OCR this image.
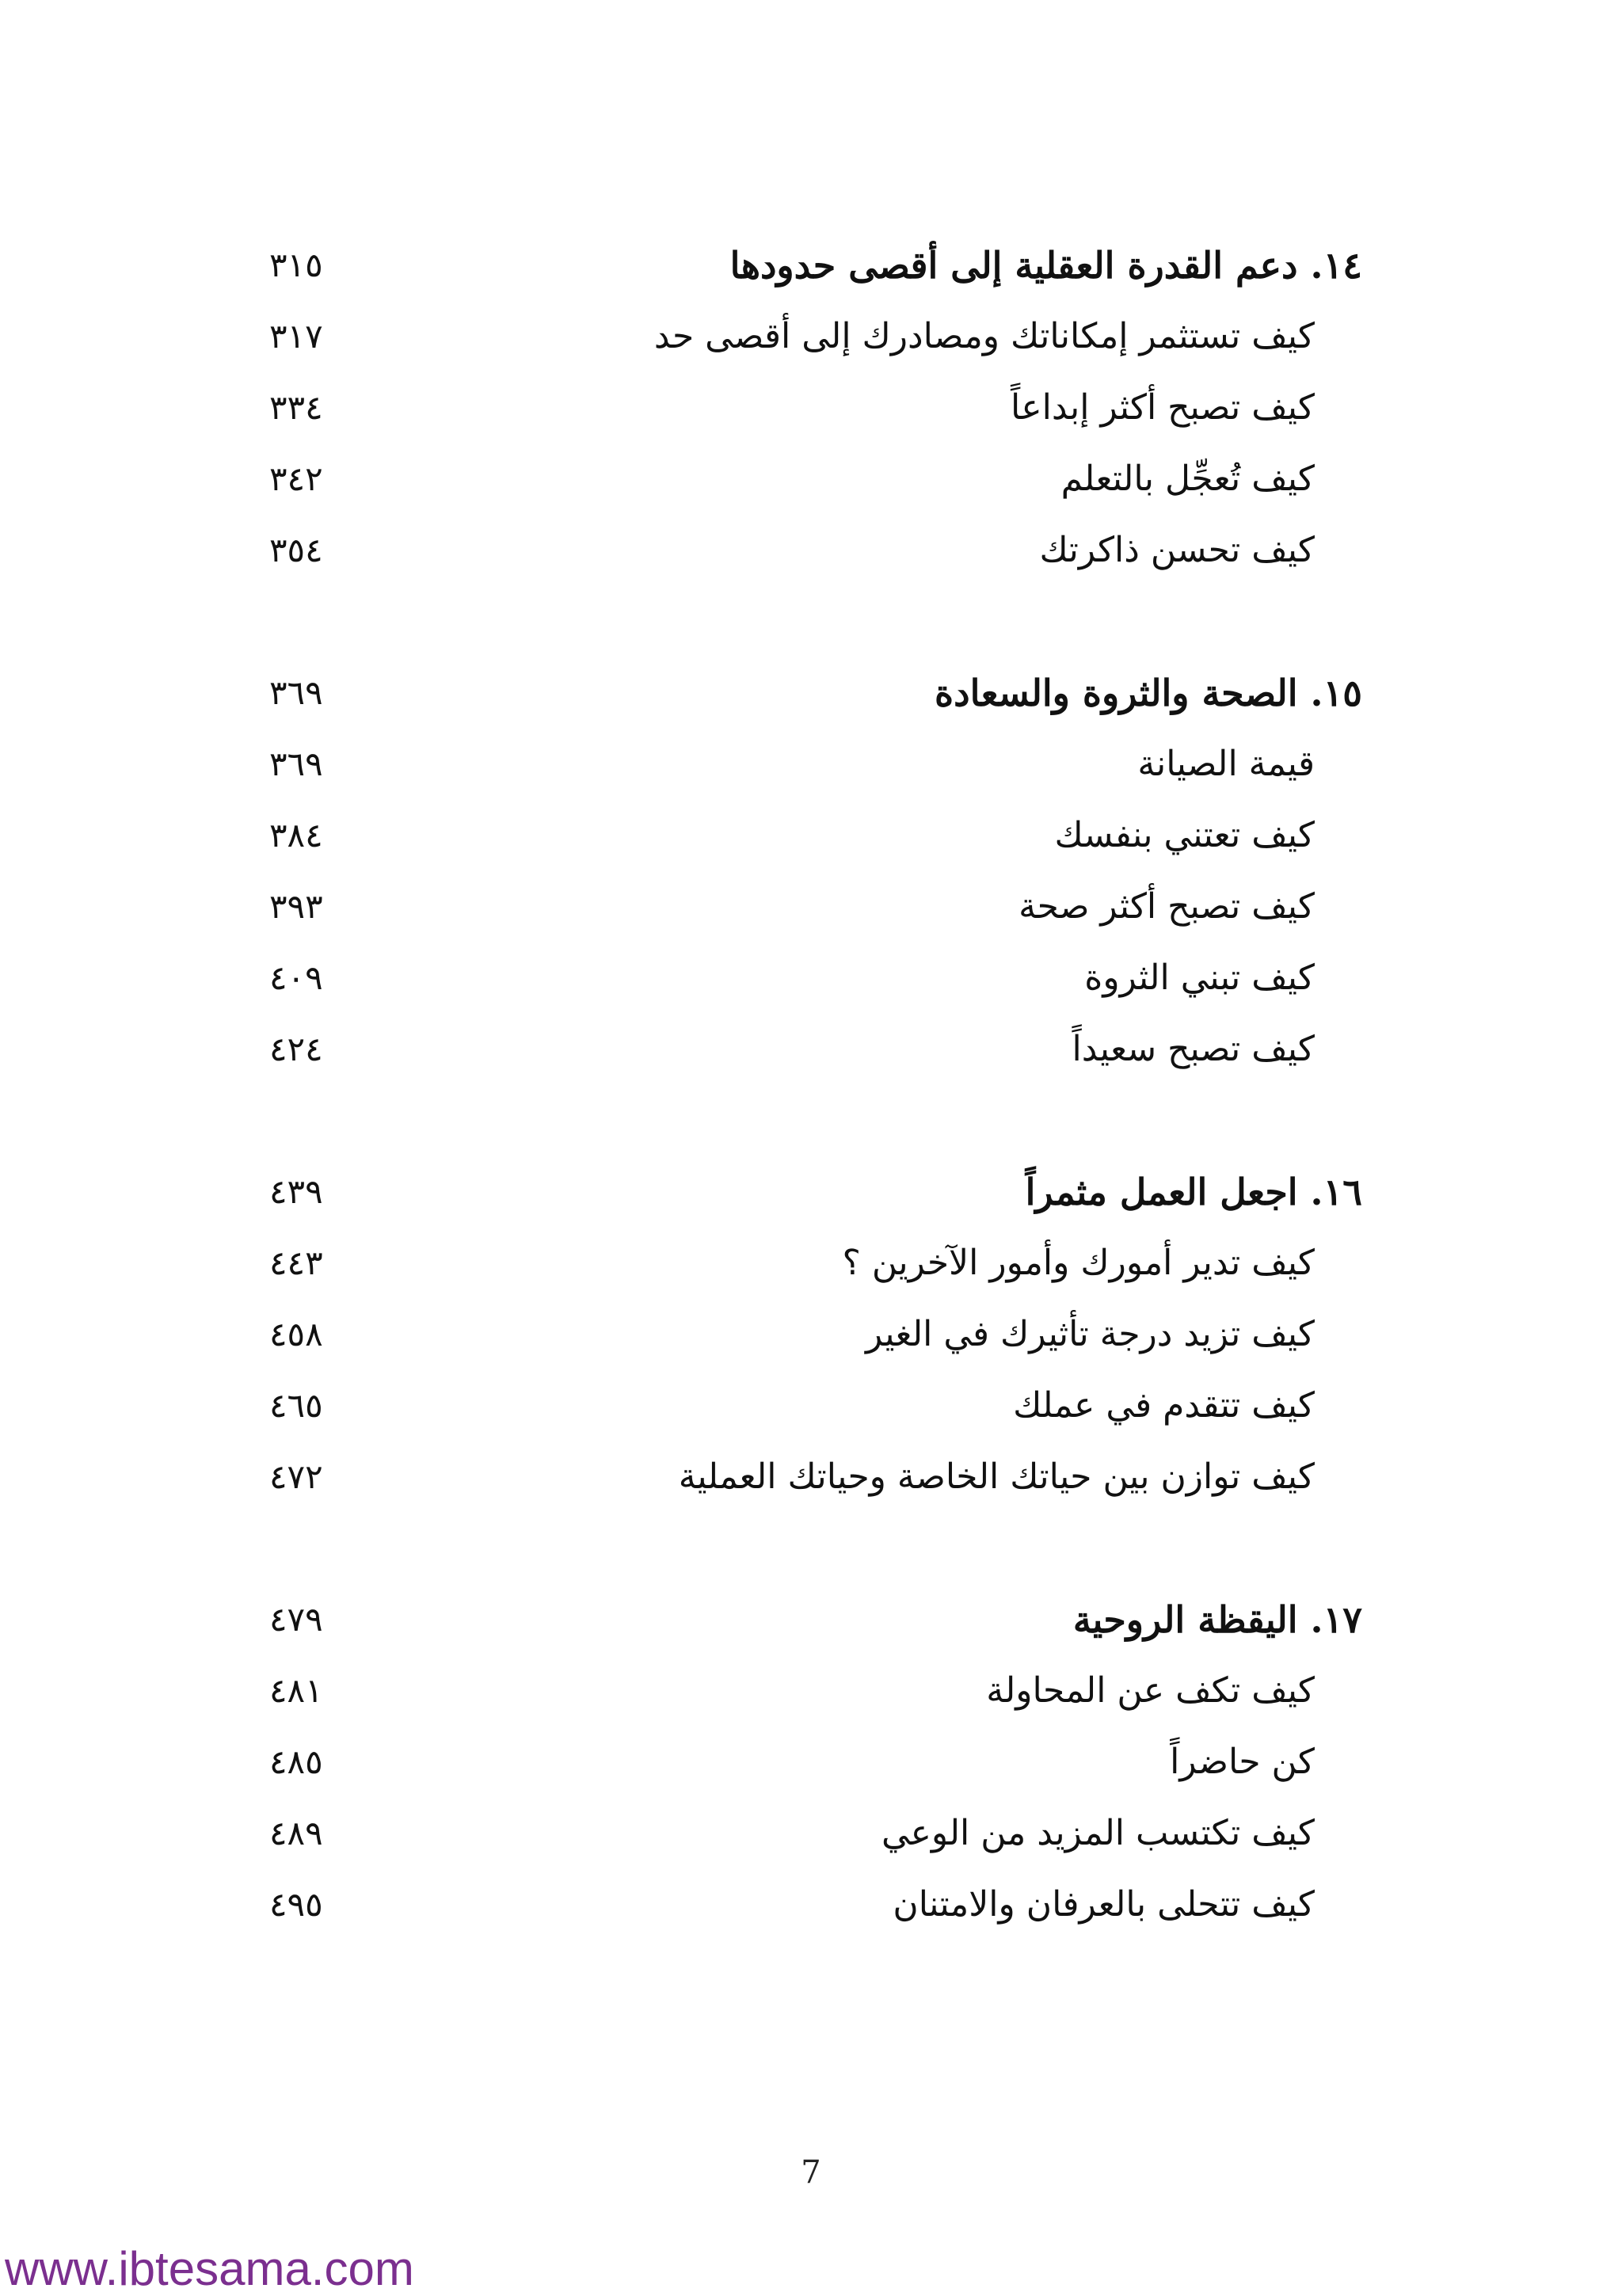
١٤. دعم القدرة العقلية إلى أقصى حدودها
٣١٥
كيف تستثمر إمكاناتك ومصادرك إلى أقصى حد
٣١٧
كيف تصبح أكثر إبداعاً
٣٣٤
كيف تُعجِّل بالتعلم
٣٤٢
كيف تحسن ذاكرتك
٣٥٤
١٥. الصحة والثروة والسعادة
٣٦٩
قيمة الصيانة
٣٦٩
كيف تعتني بنفسك
٣٨٤
كيف تصبح أكثر صحة
٣٩٣
كيف تبني الثروة
٤٠٩
كيف تصبح سعيداً
٤٢٤
١٦. اجعل العمل مثمراً
٤٣٩
كيف تدير أمورك وأمور الآخرين ؟
٤٤٣
كيف تزيد درجة تأثيرك في الغير
٤٥٨
كيف تتقدم في عملك
٤٦٥
كيف توازن بين حياتك الخاصة وحياتك العملية
٤٧٢
١٧. اليقظة الروحية
٤٧٩
كيف تكف عن المحاولة
٤٨١
كن حاضراً
٤٨٥
كيف تكتسب المزيد من الوعي
٤٨٩
كيف تتحلى بالعرفان والامتنان
٤٩٥
7
www.ibtesama.com
